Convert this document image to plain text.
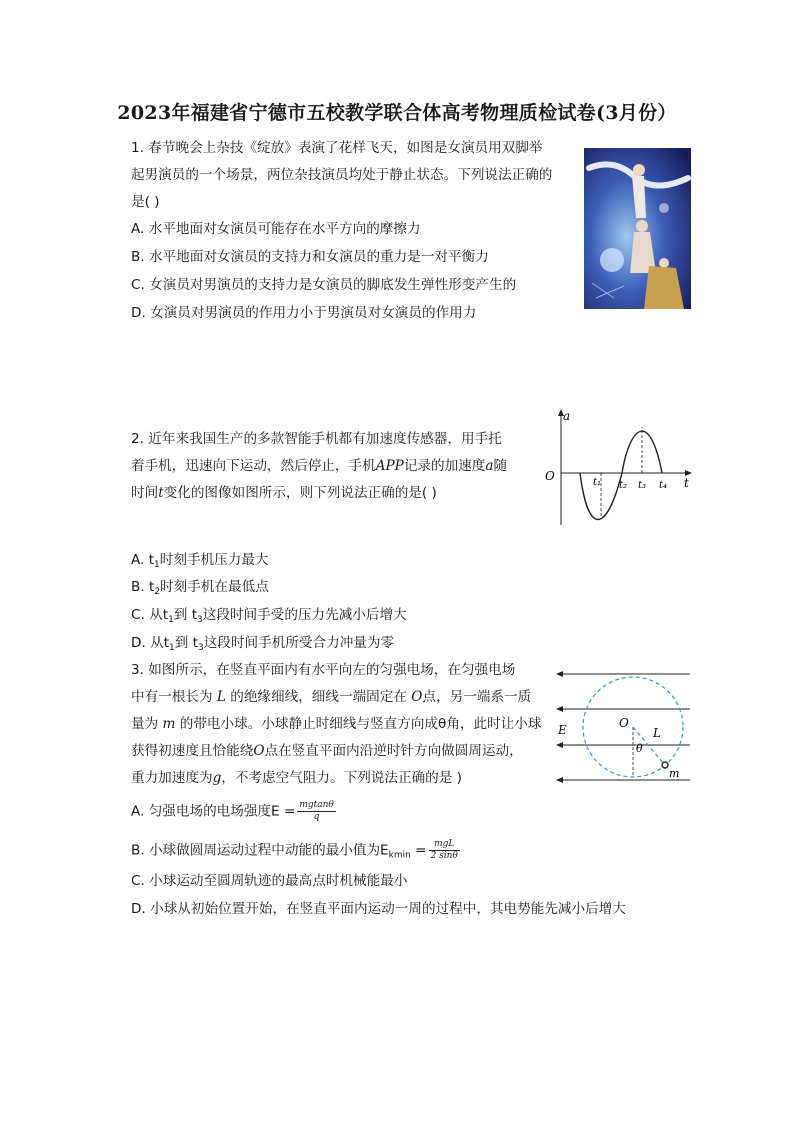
2023年福建省宁德市五校教学联合体高考物理质检试卷(3月份）
1. 春节晚会上杂技《绽放》表演了花样飞天，如图是女演员用双脚举
起男演员的一个场景，两位杂技演员均处于静止状态。下列说法正确的
是( )
A. 水平地面对女演员可能存在水平方向的摩擦力
B. 水平地面对女演员的支持力和女演员的重力是一对平衡力
C. 女演员对男演员的支持力是女演员的脚底发生弹性形变产生的
D. 女演员对男演员的作用力小于男演员对女演员的作用力
2. 近年来我国生产的多款智能手机都有加速度传感器，用手托
着手机，迅速向下运动，然后停止，手机APP记录的加速度a随
时间t变化的图像如图所示，则下列说法正确的是( )
A. $t_1$时刻手机压力最大
B. $t_2$时刻手机在最低点
C. 从$t_1$到 $t_3$这段时间手受的压力先减小后增大
D. 从$t_1$到 $t_3$这段时间手机所受合力冲量为零
a
t
O	t₁ t₂ t₃ t₄
3. 如图所示，在竖直平面内有水平向左的匀强电场，在匀强电场
中有一根长为 L 的绝缘细线，细线一端固定在 O点，另一端系一质
量为 m 的带电小球。小球静止时细线与竖直方向成θ角，此时让小球
获得初速度且恰能绕O点在竖直平面内沿逆时针方向做圆周运动，
重力加速度为g，不考虑空气阻力。下列说法正确的是 )
A. 匀强电场的电场强度$E = \frac{mgtan\theta}{q}$
B. 小球做圆周运动过程中动能的最小值为$E_{kmin} = \frac{\text{mgL}}{2 \sin\theta}$
C. 小球运动至圆周轨迹的最高点时机械能最小
D. 小球从初始位置开始，在竖直平面内运动一周的过程中，其电势能先减小后增大
E	O
L
θ
m
